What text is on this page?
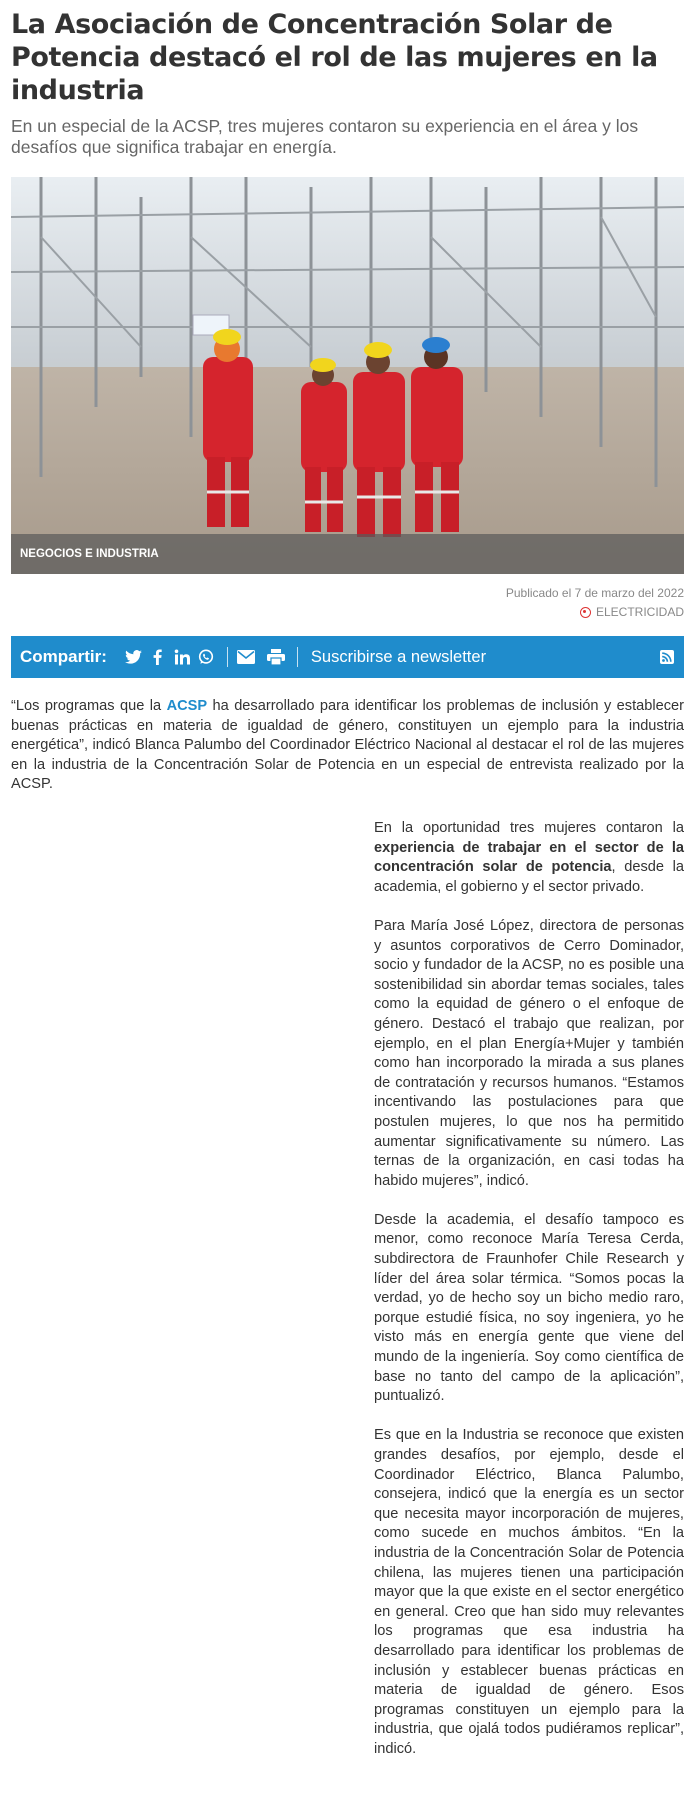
La Asociación de Concentración Solar de Potencia destacó el rol de las mujeres en la industria

En un especial de la ACSP, tres mujeres contaron su experiencia en el área y los desafíos que significa trabajar en energía.

NEGOCIOS E INDUSTRIA
Publicado el 7 de marzo del 2022
ELECTRICIDAD
Compartir:	Suscribirse a newsletter

“Los programas que la ACSP ha desarrollado para identificar los problemas de inclusión y establecer buenas prácticas en materia de igualdad de género, constituyen un ejemplo para la industria energética”, indicó Blanca Palumbo del Coordinador Eléctrico Nacional al destacar el rol de las mujeres en la industria de la Concentración Solar de Potencia en un especial de entrevista realizado por la ACSP.

En la oportunidad tres mujeres contaron la experiencia de trabajar en el sector de la concentración solar de potencia, desde la academia, el gobierno y el sector privado.

Para María José López, directora de personas y asuntos corporativos de Cerro Dominador, socio y fundador de la ACSP, no es posible una sostenibilidad sin abordar temas sociales, tales como la equidad de género o el enfoque de género. Destacó el trabajo que realizan, por ejemplo, en el plan Energía+Mujer y también como han incorporado la mirada a sus planes de contratación y recursos humanos. “Estamos incentivando las postulaciones para que postulen mujeres, lo que nos ha permitido aumentar significativamente su número. Las ternas de la organización, en casi todas ha habido mujeres”, indicó.

Desde la academia, el desafío tampoco es menor, como reconoce María Teresa Cerda, subdirectora de Fraunhofer Chile Research y líder del área solar térmica. “Somos pocas la verdad, yo de hecho soy un bicho medio raro, porque estudié física, no soy ingeniera, yo he visto más en energía gente que viene del mundo de la ingeniería. Soy como científica de base no tanto del campo de la aplicación”, puntualizó.

Es que en la Industria se reconoce que existen grandes desafíos, por ejemplo, desde el Coordinador Eléctrico, Blanca Palumbo, consejera, indicó que la energía es un sector que necesita mayor incorporación de mujeres, como sucede en muchos ámbitos. “En la industria de la Concentración Solar de Potencia chilena, las mujeres tienen una participación mayor que la que existe en el sector energético en general. Creo que han sido muy relevantes los programas que esa industria ha desarrollado para identificar los problemas de inclusión y establecer buenas prácticas en materia de igualdad de género. Esos programas constituyen un ejemplo para la industria, que ojalá todos pudiéramos replicar”, indicó.
